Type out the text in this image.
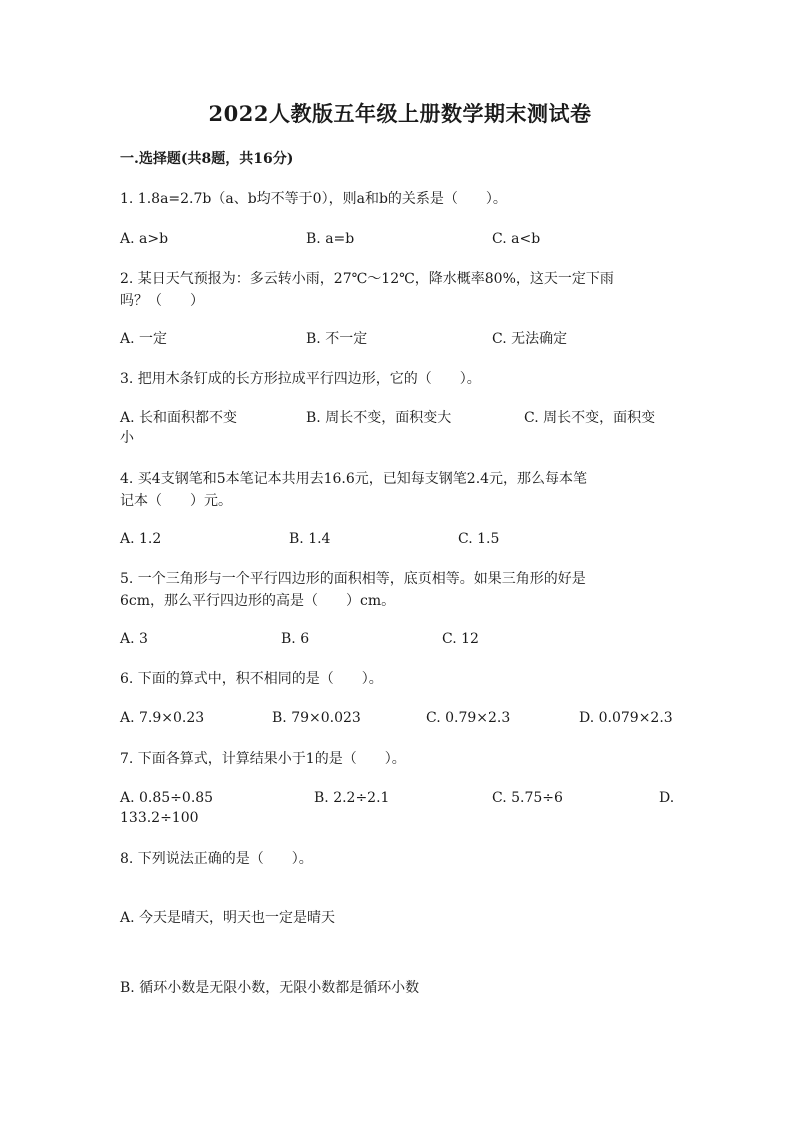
2022人教版五年级上册数学期末测试卷
一.选择题(共8题，共16分)
1. 1.8a=2.7b（a、b均不等于0），则a和b的关系是（　　）。
A. a>b	B. a=b	C. a<b
2. 某日天气预报为：多云转小雨，27℃～12℃，降水概率80%，这天一定下雨
吗？（　　）
A. 一定	B. 不一定	C. 无法确定
3. 把用木条钉成的长方形拉成平行四边形，它的（　　）。
A. 长和面积都不变	B. 周长不变，面积变大	C. 周长不变，面积变
小
4. 买4支钢笔和5本笔记本共用去16.6元，已知每支钢笔2.4元，那么每本笔
记本（　　）元。
A. 1.2	B. 1.4	C. 1.5
5. 一个三角形与一个平行四边形的面积相等，底页相等。如果三角形的好是
6cm，那么平行四边形的高是（　　）cm。
A. 3	B. 6	C. 12
6. 下面的算式中，积不相同的是（　　）。
A. 7.9×0.23	B. 79×0.023	C. 0.79×2.3	D. 0.079×2.3
7. 下面各算式，计算结果小于1的是（　　）。
A. 0.85÷0.85	B. 2.2÷2.1	C. 5.75÷6	D.
133.2÷100
8. 下列说法正确的是（　　）。
A. 今天是晴天，明天也一定是晴天
B. 循环小数是无限小数，无限小数都是循环小数
